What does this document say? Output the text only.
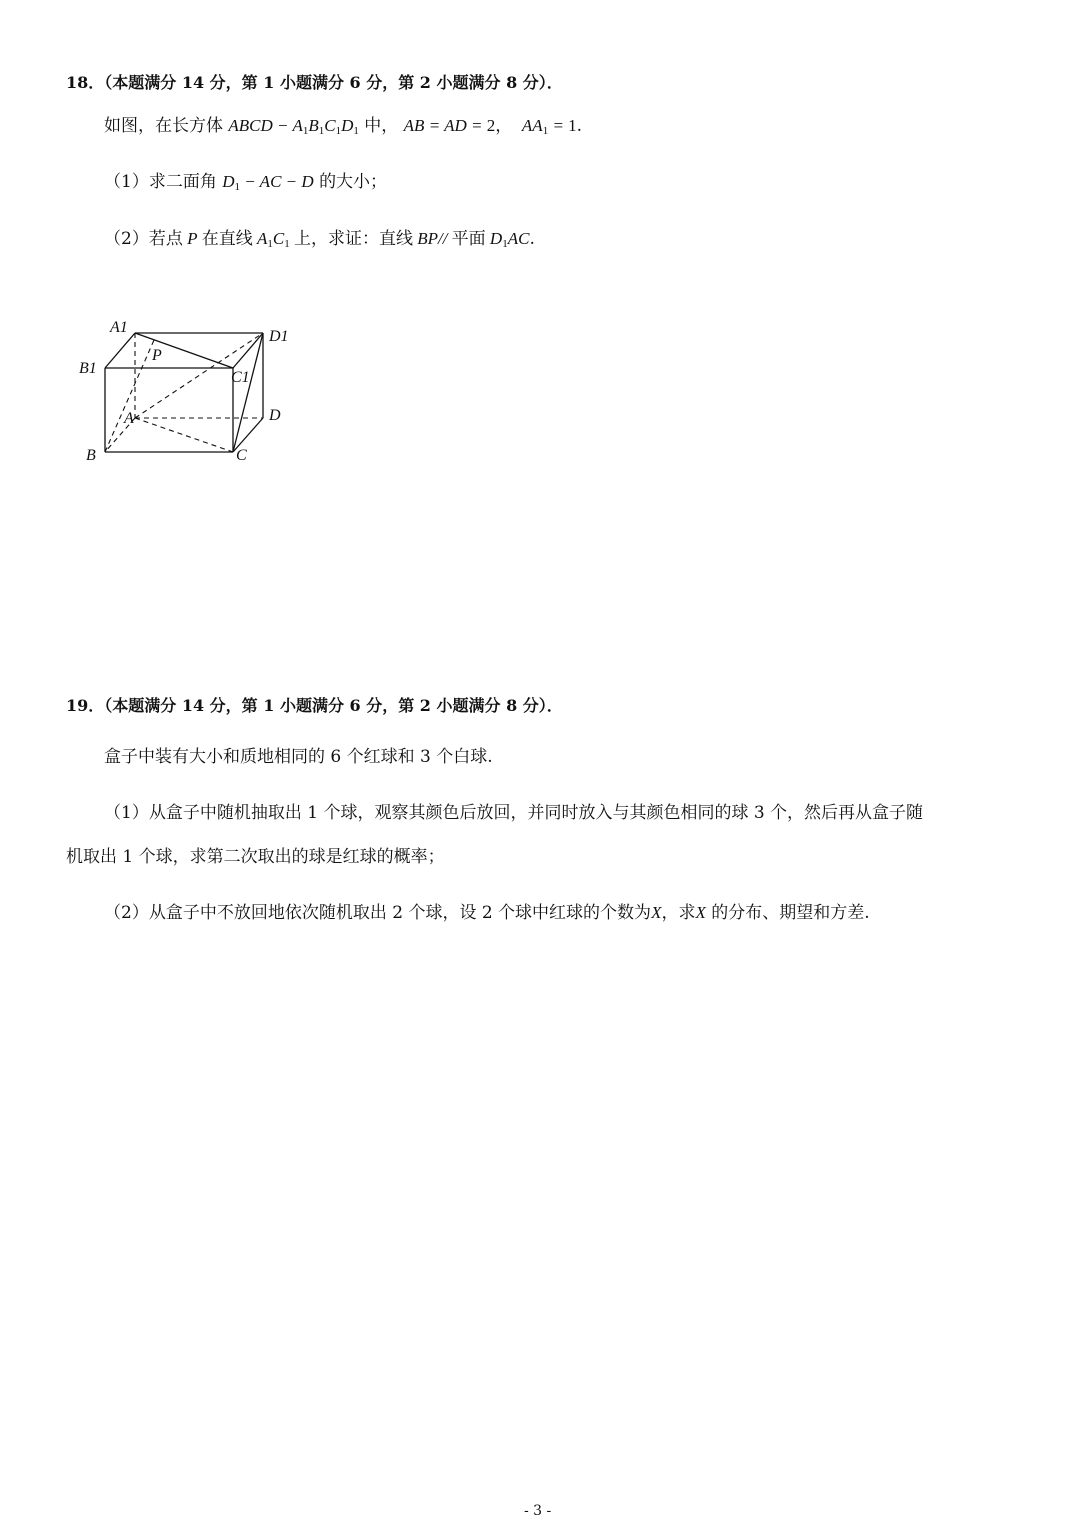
18．（本题满分 14 分，第 1 小题满分 6 分，第 2 小题满分 8 分）．
如图，在长方体 ABCD − $A_1B_1C_1D_1$ 中， AB = AD = 2，  $AA_1 = 1$.
（1）求二面角 $D_1$ − AC − D 的大小；
（2）若点 P 在直线 $A_1C_1$ 上，求证：直线 BP// 平面 $D_1AC$.
A1
D1
B1
C1
P
A	D
B	C
19．（本题满分 14 分，第 1 小题满分 6 分，第 2 小题满分 8 分）．
盒子中装有大小和质地相同的 6 个红球和 3 个白球.
（1）从盒子中随机抽取出 1 个球，观察其颜色后放回，并同时放入与其颜色相同的球 3 个，然后再从盒子随
机取出 1 个球，求第二次取出的球是红球的概率；
（2）从盒子中不放回地依次随机取出 2 个球，设 2 个球中红球的个数为X，求X 的分布、期望和方差.
- 3 -
